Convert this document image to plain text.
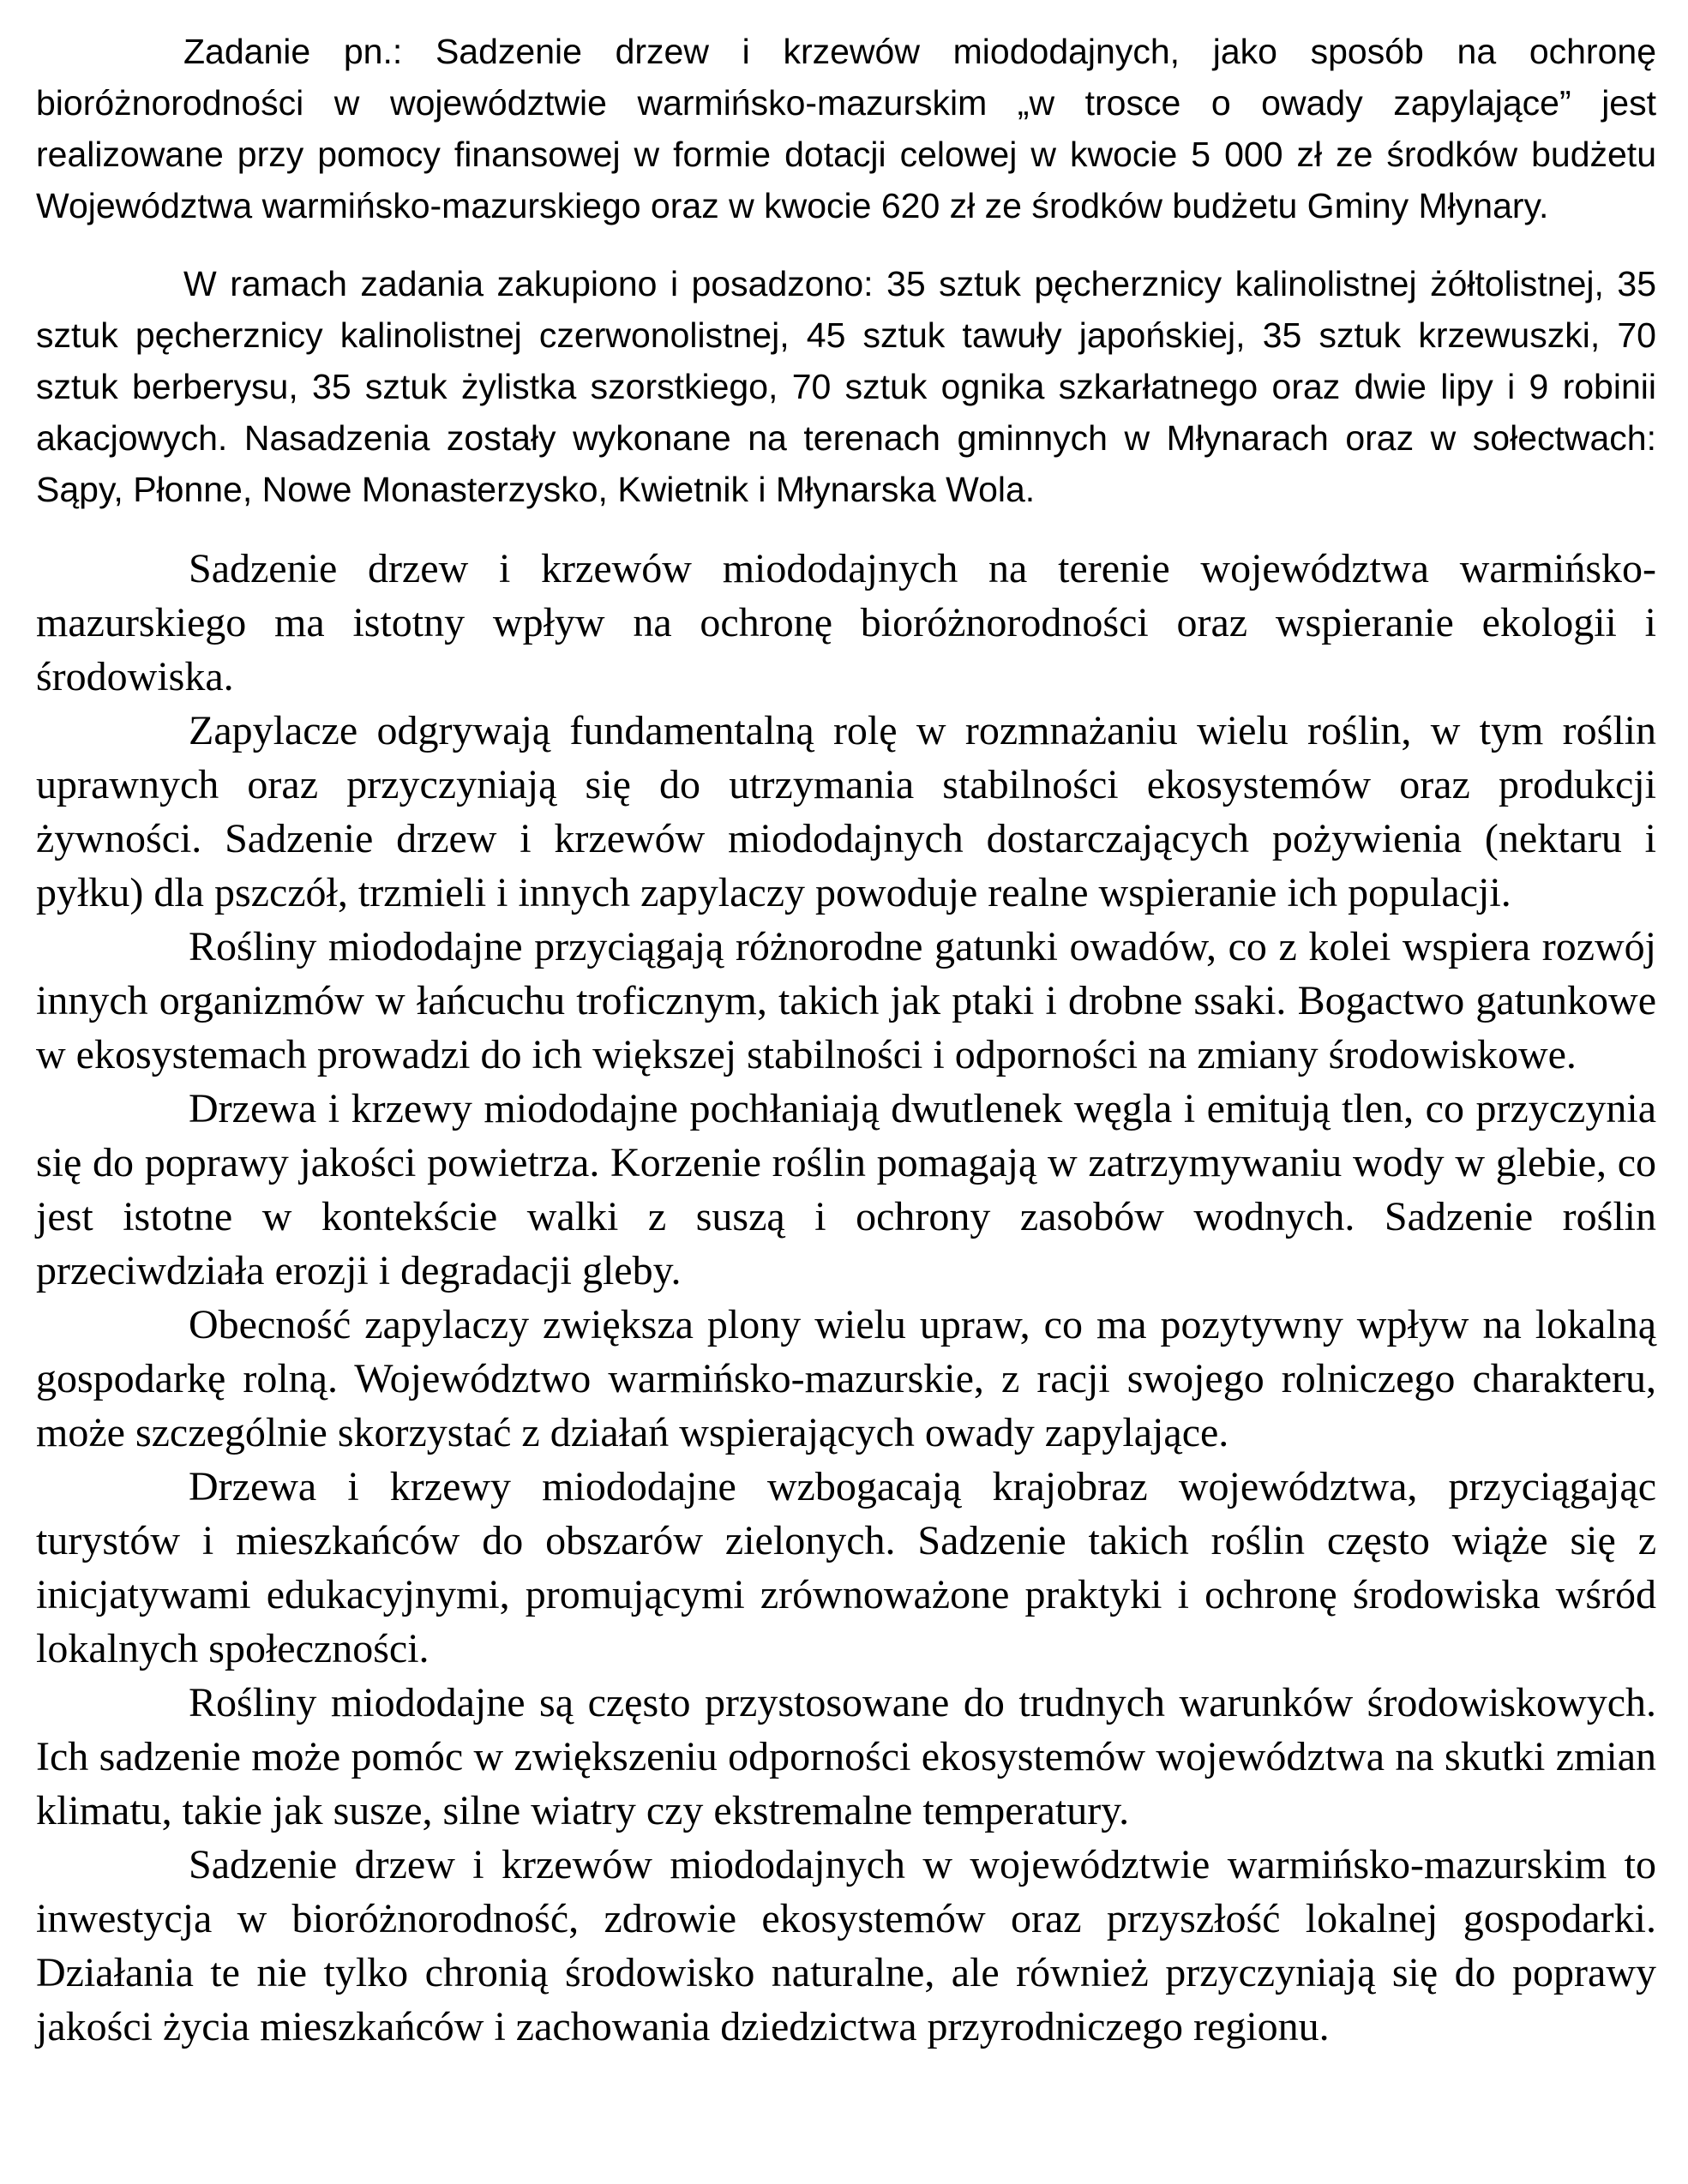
Zadanie pn.: Sadzenie drzew i krzewów miododajnych, jako sposób na ochronę bioróżnorodności w województwie warmińsko-mazurskim „w trosce o owady zapylające” jest realizowane przy pomocy finansowej w formie dotacji celowej w kwocie 5 000 zł ze środków budżetu Województwa warmińsko-mazurskiego oraz w kwocie 620 zł ze środków budżetu Gminy Młynary.

W ramach zadania zakupiono i posadzono: 35 sztuk pęcherznicy kalinolistnej żółtolistnej, 35 sztuk pęcherznicy kalinolistnej czerwonolistnej, 45 sztuk tawuły japońskiej, 35 sztuk krzewuszki, 70 sztuk berberysu, 35 sztuk żylistka szorstkiego, 70 sztuk ognika szkarłatnego oraz dwie lipy i 9 robinii akacjowych. Nasadzenia zostały wykonane na terenach gminnych w Młynarach oraz w sołectwach: Sąpy, Płonne, Nowe Monasterzysko, Kwietnik i Młynarska Wola.

Sadzenie drzew i krzewów miododajnych na terenie województwa warmińsko-mazurskiego ma istotny wpływ na ochronę bioróżnorodności oraz wspieranie ekologii i środowiska.

Zapylacze odgrywają fundamentalną rolę w rozmnażaniu wielu roślin, w tym roślin uprawnych oraz przyczyniają się do utrzymania stabilności ekosystemów oraz produkcji żywności. Sadzenie drzew i krzewów miododajnych dostarczających pożywienia (nektaru i pyłku) dla pszczół, trzmieli i innych zapylaczy powoduje realne wspieranie ich populacji.

Rośliny miododajne przyciągają różnorodne gatunki owadów, co z kolei wspiera rozwój innych organizmów w łańcuchu troficznym, takich jak ptaki i drobne ssaki. Bogactwo gatunkowe w ekosystemach prowadzi do ich większej stabilności i odporności na zmiany środowiskowe.

Drzewa i krzewy miododajne pochłaniają dwutlenek węgla i emitują tlen, co przyczynia się do poprawy jakości powietrza. Korzenie roślin pomagają w zatrzymywaniu wody w glebie, co jest istotne w kontekście walki z suszą i ochrony zasobów wodnych. Sadzenie roślin przeciwdziała erozji i degradacji gleby.

Obecność zapylaczy zwiększa plony wielu upraw, co ma pozytywny wpływ na lokalną gospodarkę rolną. Województwo warmińsko-mazurskie, z racji swojego rolniczego charakteru, może szczególnie skorzystać z działań wspierających owady zapylające.

Drzewa i krzewy miododajne wzbogacają krajobraz województwa, przyciągając turystów i mieszkańców do obszarów zielonych. Sadzenie takich roślin często wiąże się z inicjatywami edukacyjnymi, promującymi zrównoważone praktyki i ochronę środowiska wśród lokalnych społeczności.

Rośliny miododajne są często przystosowane do trudnych warunków środowiskowych. Ich sadzenie może pomóc w zwiększeniu odporności ekosystemów województwa na skutki zmian klimatu, takie jak susze, silne wiatry czy ekstremalne temperatury.

Sadzenie drzew i krzewów miododajnych w województwie warmińsko-mazurskim to inwestycja w bioróżnorodność, zdrowie ekosystemów oraz przyszłość lokalnej gospodarki. Działania te nie tylko chronią środowisko naturalne, ale również przyczyniają się do poprawy jakości życia mieszkańców i zachowania dziedzictwa przyrodniczego regionu.
